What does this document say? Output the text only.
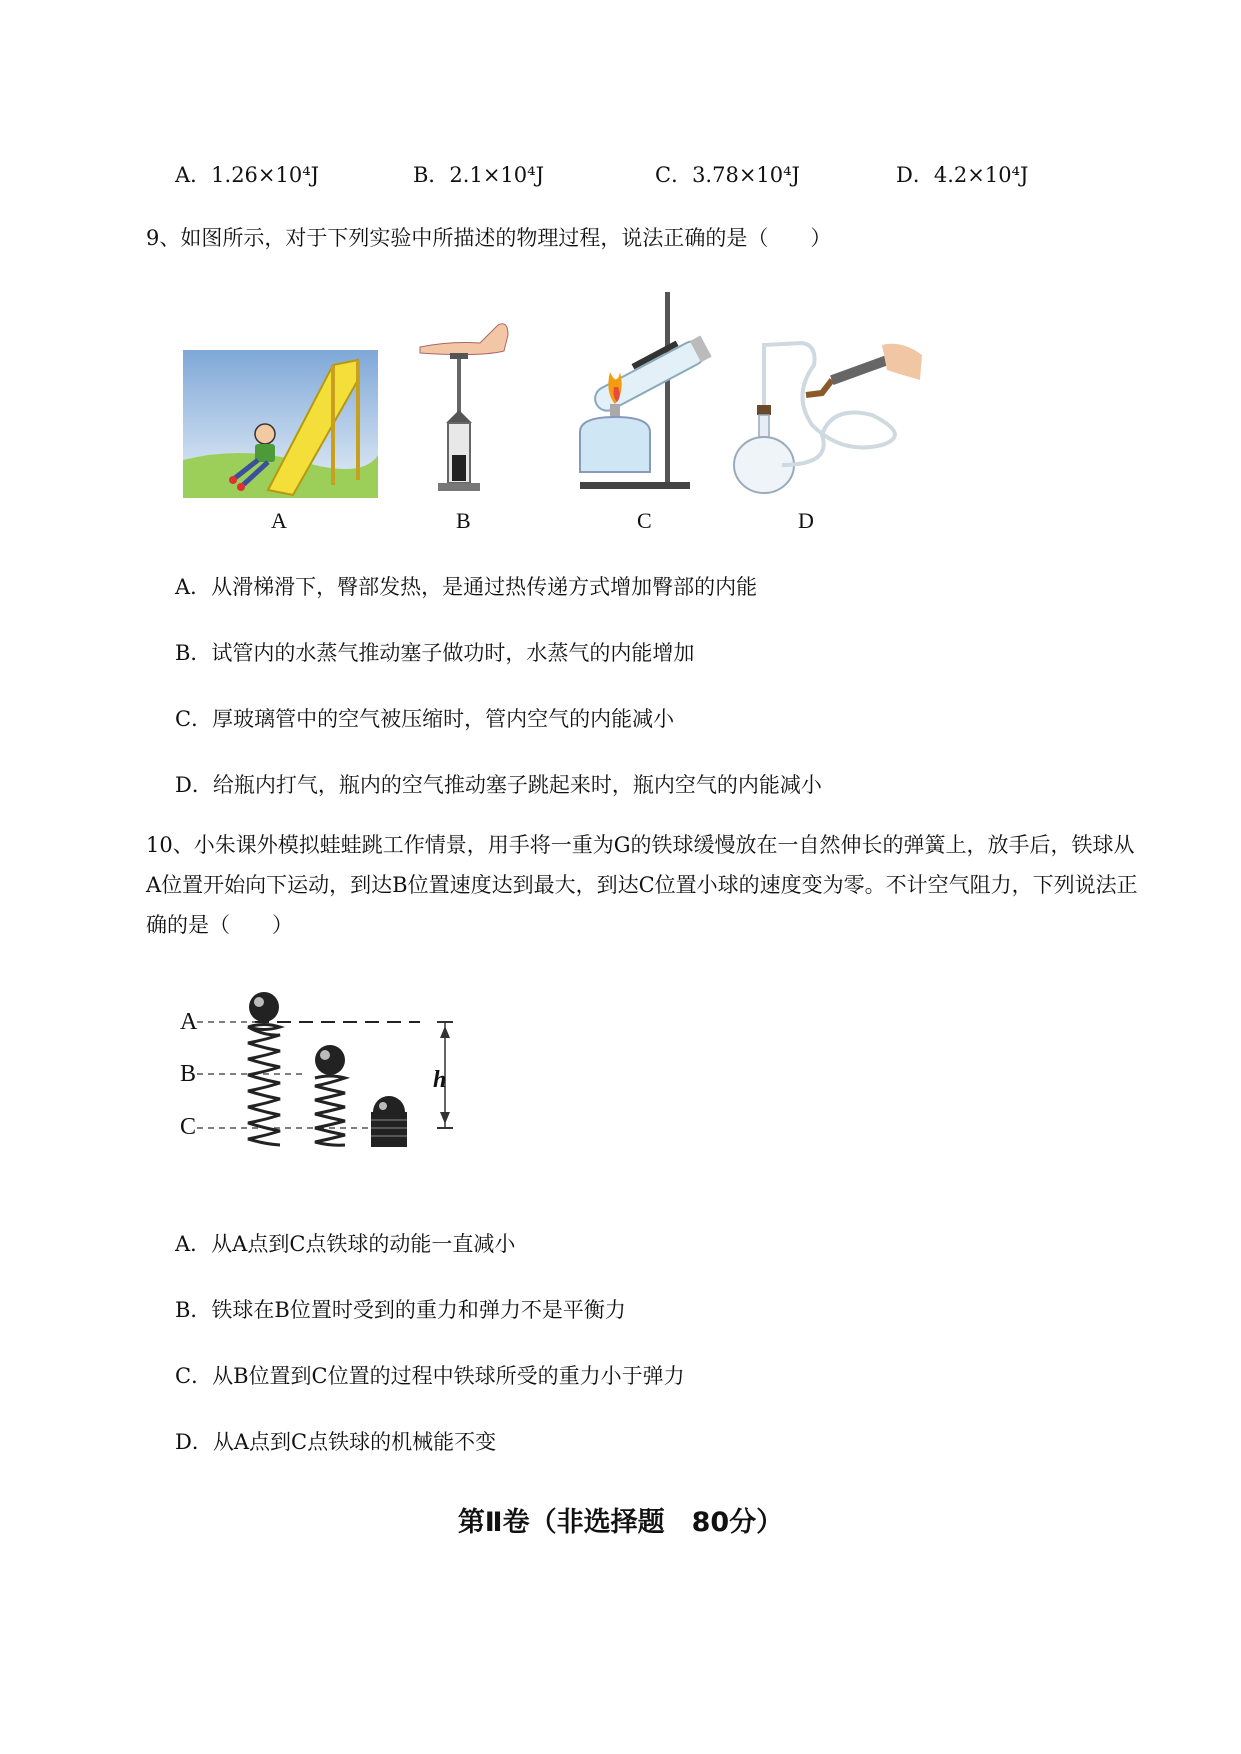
A．1.26×10⁴J	B．2.1×10⁴J	C．3.78×10⁴J	D．4.2×10⁴J
9、如图所示，对于下列实验中所描述的物理过程，说法正确的是（　　）
A	B	C	D
A．从滑梯滑下，臀部发热，是通过热传递方式增加臀部的内能
B．试管内的水蒸气推动塞子做功时，水蒸气的内能增加
C．厚玻璃管中的空气被压缩时，管内空气的内能减小
D．给瓶内打气，瓶内的空气推动塞子跳起来时，瓶内空气的内能减小
10、小朱课外模拟蛙蛙跳工作情景，用手将一重为G的铁球缓慢放在一自然伸长的弹簧上，放手后，铁球从A位置开始向下运动，到达B位置速度达到最大，到达C位置小球的速度变为零。不计空气阻力，下列说法正确的是（　　）
A
B
C
h
A．从A点到C点铁球的动能一直减小
B．铁球在B位置时受到的重力和弹力不是平衡力
C．从B位置到C位置的过程中铁球所受的重力小于弹力
D．从A点到C点铁球的机械能不变
第Ⅱ卷（非选择题　80分）
